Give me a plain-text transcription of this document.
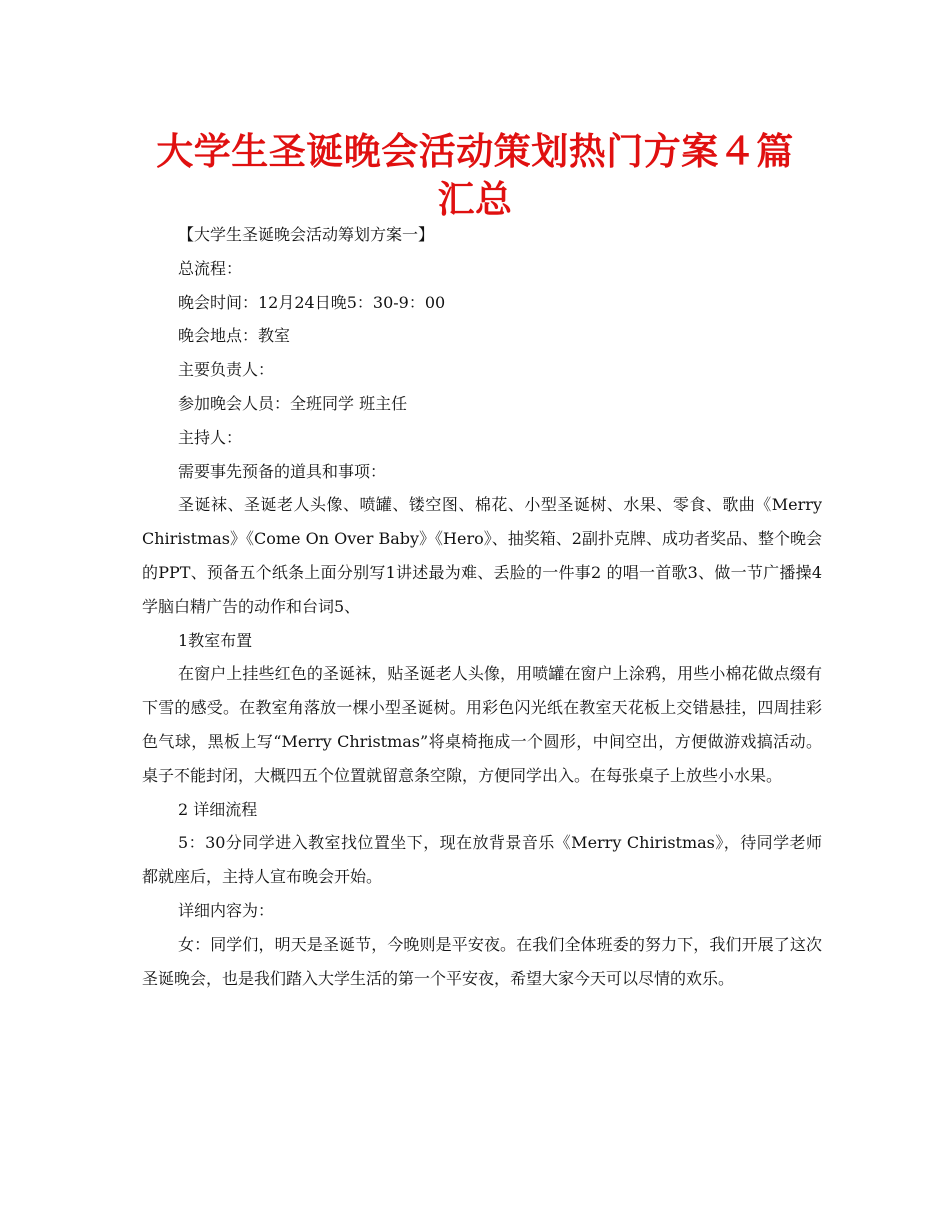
大学生圣诞晚会活动策划热门方案４篇汇总

【大学生圣诞晚会活动筹划方案一】

总流程：

晚会时间：12月24日晚5：30-9：00

晚会地点：教室

主要负责人：

参加晚会人员：全班同学 班主任

主持人：

需要事先预备的道具和事项：

圣诞袜、圣诞老人头像、喷罐、镂空图、棉花、小型圣诞树、水果、零食、歌曲《Merry Chiristmas》《Come On Over Baby》《Hero》、抽奖箱、2副扑克牌、成功者奖品、整个晚会的PPT、预备五个纸条上面分别写1讲述最为难、丢脸的一件事2 的唱一首歌3、做一节广播操4学脑白精广告的动作和台词5、

1教室布置

在窗户上挂些红色的圣诞袜，贴圣诞老人头像，用喷罐在窗户上涂鸦，用些小棉花做点缀有下雪的感受。在教室角落放一棵小型圣诞树。用彩色闪光纸在教室天花板上交错悬挂，四周挂彩色气球，黑板上写“Merry Christmas”将桌椅拖成一个圆形，中间空出，方便做游戏搞活动。桌子不能封闭，大概四五个位置就留意条空隙，方便同学出入。在每张桌子上放些小水果。

2 详细流程

5：30分同学进入教室找位置坐下，现在放背景音乐《Merry Chiristmas》，待同学老师都就座后，主持人宣布晚会开始。

详细内容为：

女：同学们，明天是圣诞节，今晚则是平安夜。在我们全体班委的努力下，我们开展了这次圣诞晚会，也是我们踏入大学生活的第一个平安夜，希望大家今天可以尽情的欢乐。
